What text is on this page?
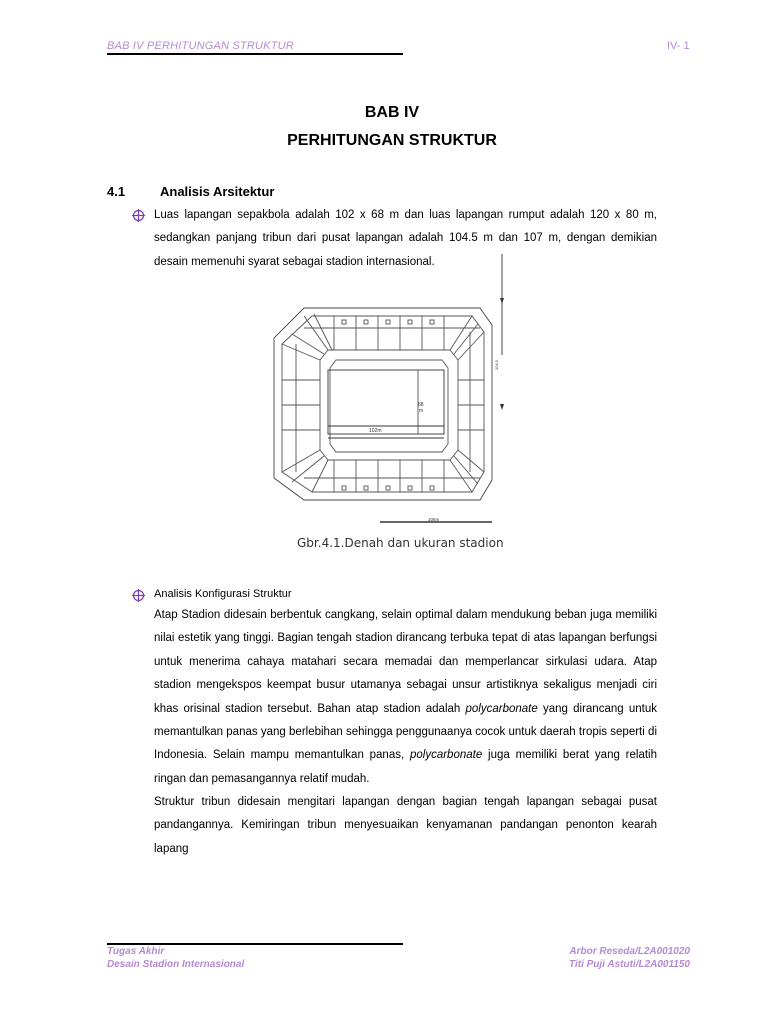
BAB IV PERHITUNGAN STRUKTUR	IV- 1
BAB IV
PERHITUNGAN STRUKTUR
4.1	Analisis Arsitektur
Luas lapangan sepakbola adalah 102 x 68 m dan luas lapangan rumput adalah 120 x 80 m,
sedangkan panjang tribun dari pusat lapangan adalah 104.5 m dan 107 m, dengan demikian
desain memenuhi syarat sebagai stadion internasional.
102m
68
m
106m
104.5
Gbr.4.1.Denah dan ukuran stadion
Analisis Konfigurasi Struktur

Atap Stadion didesain berbentuk cangkang, selain optimal dalam mendukung beban juga memiliki nilai estetik yang tinggi. Bagian tengah stadion dirancang terbuka tepat di atas lapangan berfungsi untuk menerima cahaya matahari secara memadai dan memperlancar sirkulasi udara. Atap stadion mengekspos keempat busur utamanya sebagai unsur artistiknya sekaligus menjadi ciri khas orisinal stadion tersebut. Bahan atap stadion adalah polycarbonate yang dirancang untuk memantulkan panas yang berlebihan sehingga penggunaanya cocok untuk daerah tropis seperti di Indonesia. Selain mampu memantulkan panas, polycarbonate juga memiliki berat yang relatih ringan dan pemasangannya relatif mudah.

Struktur tribun didesain mengitari lapangan dengan bagian tengah lapangan sebagai pusat pandangannya. Kemiringan tribun menyesuaikan kenyamanan pandangan penonton kearah lapang

Tugas Akhir
Desain Stadion Internasional
Arbor Reseda/L2A001020
Titi Puji Astuti/L2A001150
